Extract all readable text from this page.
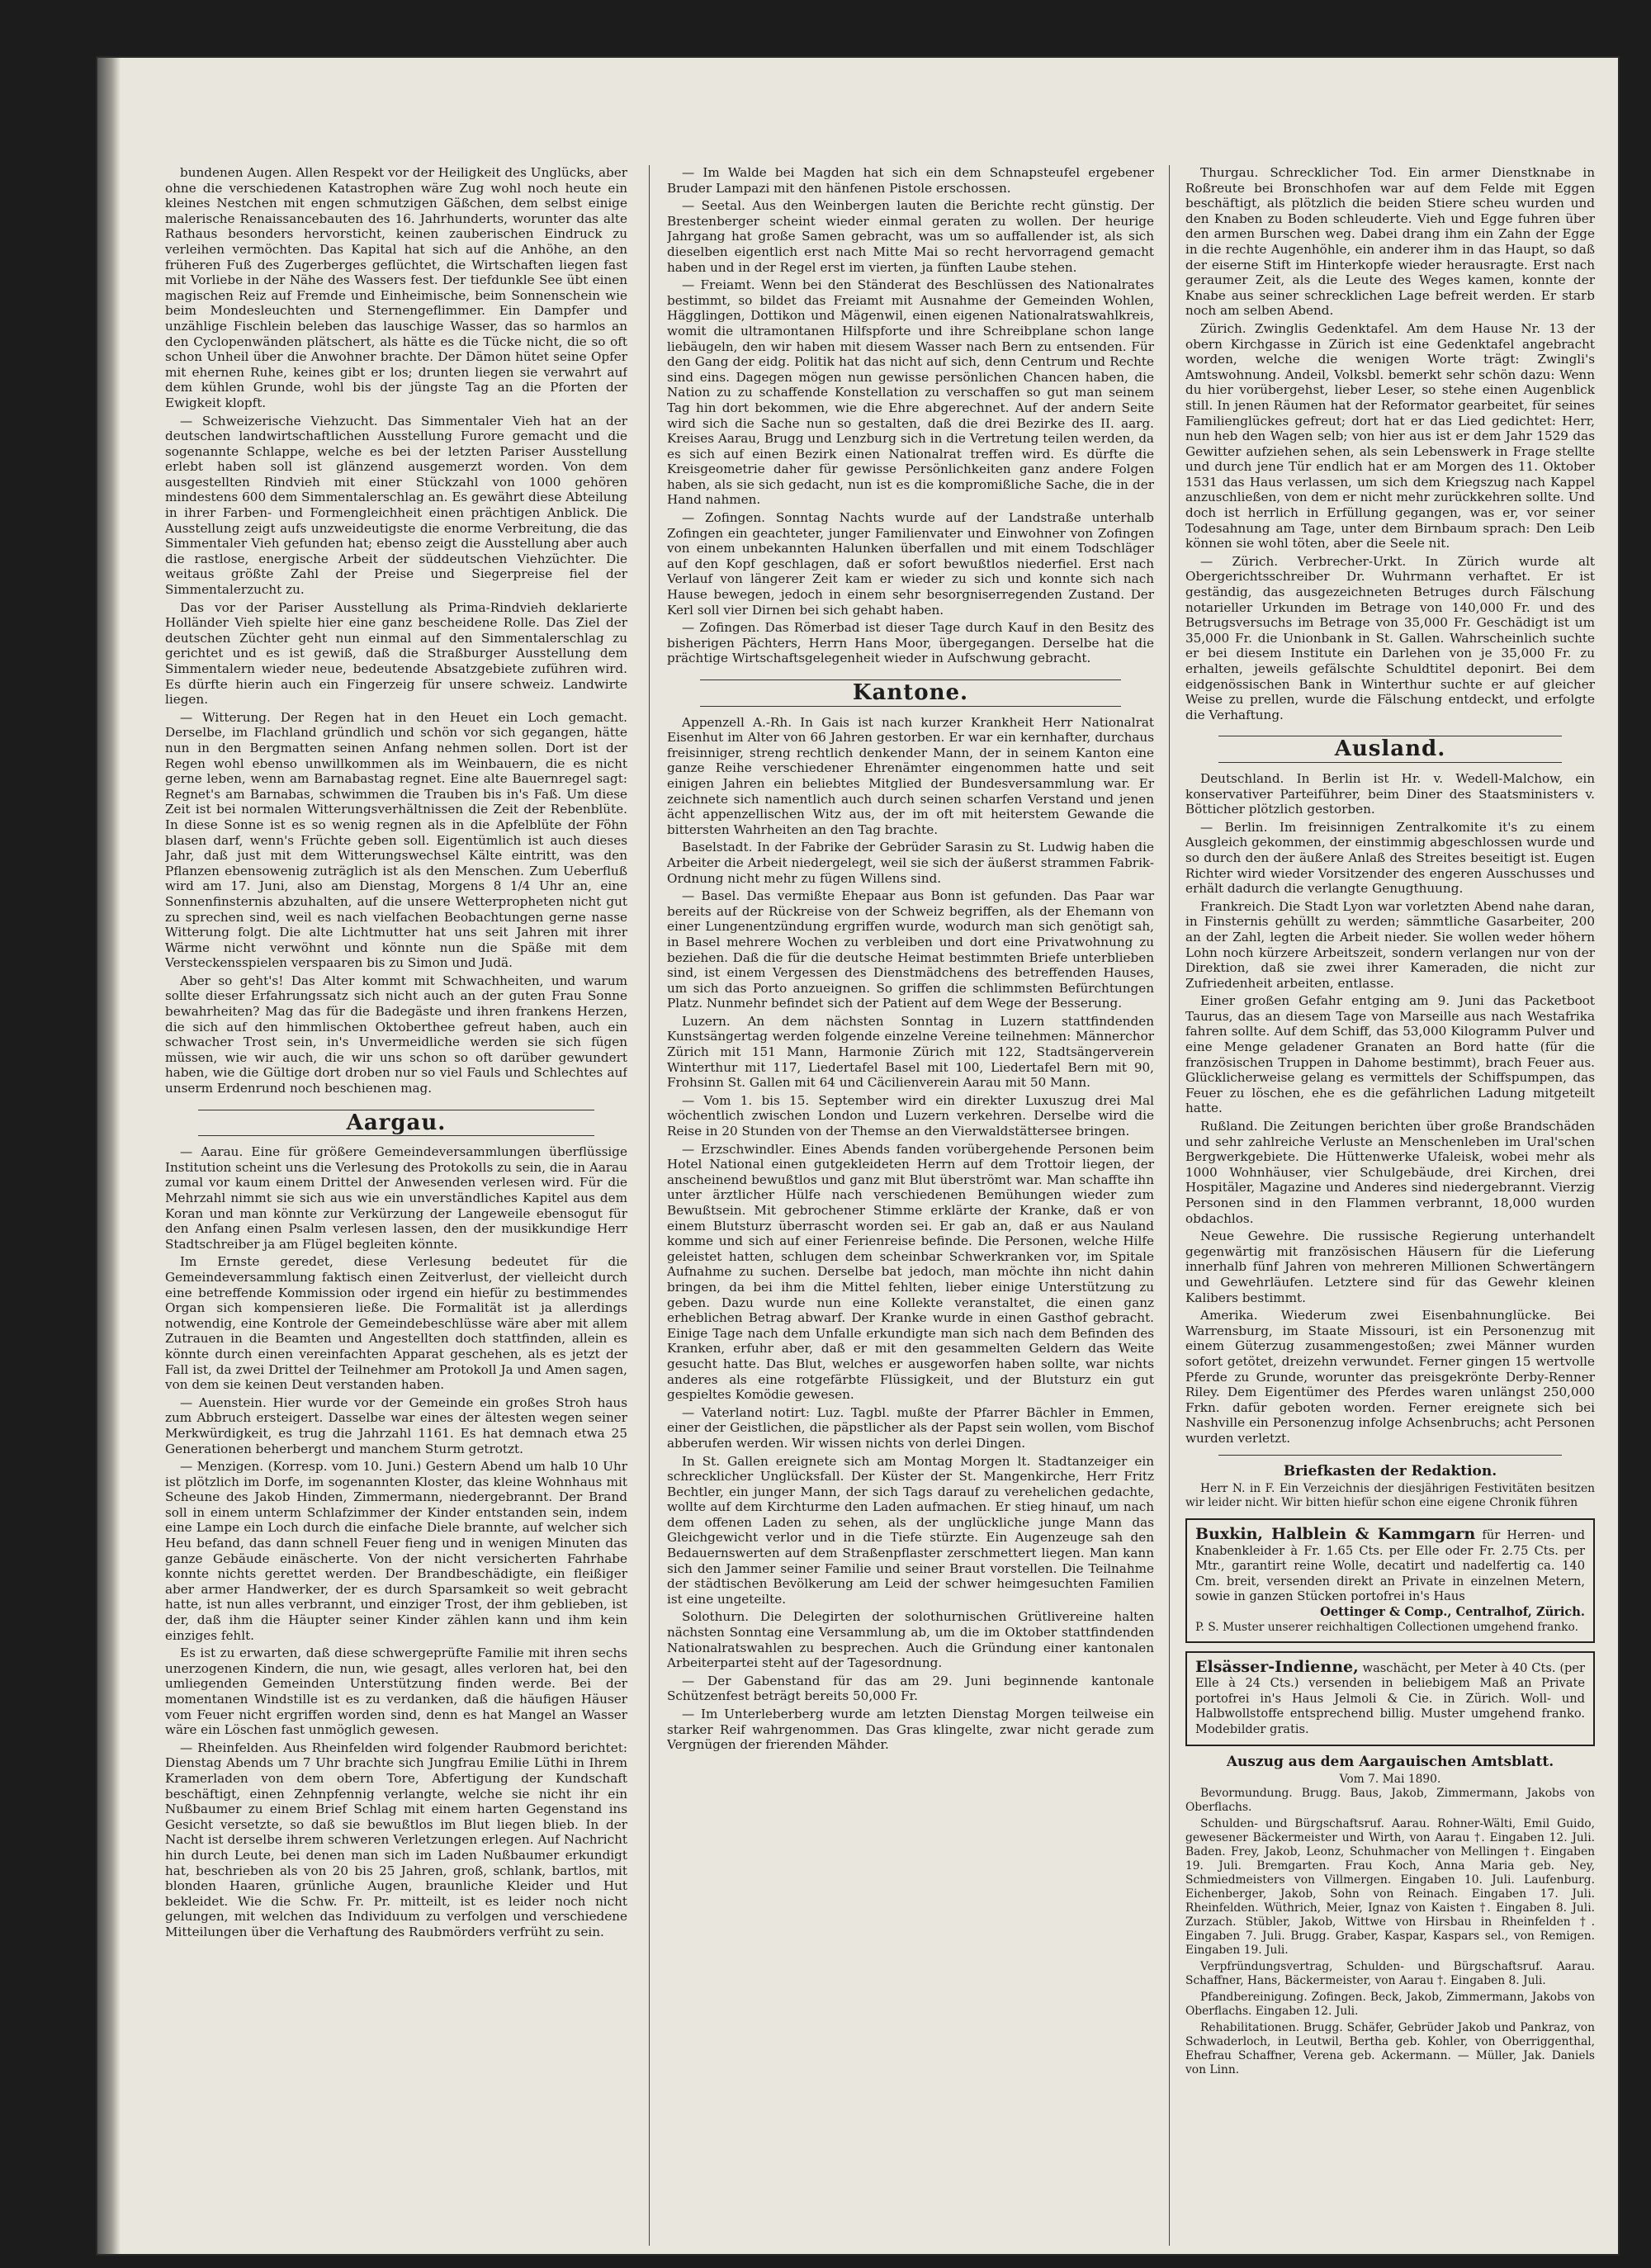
bundenen Augen. Allen Respekt vor der Heiligkeit des Unglücks, aber ohne die verschiedenen Katastrophen wäre Zug wohl noch heute ein kleines Nestchen mit engen schmutzigen Gäßchen, dem selbst einige malerische Renaissancebauten des 16. Jahrhunderts, worunter das alte Rathaus besonders hervorsticht, keinen zauberischen Eindruck zu verleihen vermöchten. Das Kapital hat sich auf die Anhöhe, an den früheren Fuß des Zugerberges geflüchtet, die Wirtschaften liegen fast mit Vorliebe in der Nähe des Wassers fest. Der tiefdunkle See übt einen magischen Reiz auf Fremde und Einheimische, beim Sonnenschein wie beim Mondesleuchten und Sternengeflimmer. Ein Dampfer und unzählige Fischlein beleben das lauschige Wasser, das so harmlos an den Cyclopenwänden plätschert, als hätte es die Tücke nicht, die so oft schon Unheil über die Anwohner brachte. Der Dämon hütet seine Opfer mit ehernen Ruhe, keines gibt er los; drunten liegen sie verwahrt auf dem kühlen Grunde, wohl bis der jüngste Tag an die Pforten der Ewigkeit klopft.

— Schweizerische Viehzucht. Das Simmentaler Vieh hat an der deutschen landwirtschaftlichen Ausstellung Furore gemacht und die sogenannte Schlappe, welche es bei der letzten Pariser Ausstellung erlebt haben soll ist glänzend ausgemerzt worden. Von dem ausgestellten Rindvieh mit einer Stückzahl von 1000 gehören mindestens 600 dem Simmentalerschlag an. Es gewährt diese Abteilung in ihrer Farben- und Formengleichheit einen prächtigen Anblick. Die Ausstellung zeigt aufs unzweideutigste die enorme Verbreitung, die das Simmentaler Vieh gefunden hat; ebenso zeigt die Ausstellung aber auch die rastlose, energische Arbeit der süddeutschen Viehzüchter. Die weitaus größte Zahl der Preise und Siegerpreise fiel der Simmentalerzucht zu.

Das vor der Pariser Ausstellung als Prima-Rindvieh deklarierte Holländer Vieh spielte hier eine ganz bescheidene Rolle. Das Ziel der deutschen Züchter geht nun einmal auf den Simmentalerschlag zu gerichtet und es ist gewiß, daß die Straßburger Ausstellung dem Simmentalern wieder neue, bedeutende Absatzgebiete zuführen wird. Es dürfte hierin auch ein Fingerzeig für unsere schweiz. Landwirte liegen.

— Witterung. Der Regen hat in den Heuet ein Loch gemacht. Derselbe, im Flachland gründlich und schön vor sich gegangen, hätte nun in den Bergmatten seinen Anfang nehmen sollen. Dort ist der Regen wohl ebenso unwillkommen als im Weinbauern, die es nicht gerne leben, wenn am Barnabastag regnet. Eine alte Bauernregel sagt: Regnet's am Barnabas, schwimmen die Trauben bis in's Faß. Um diese Zeit ist bei normalen Witterungsverhältnissen die Zeit der Rebenblüte. In diese Sonne ist es so wenig regnen als in die Apfelblüte der Föhn blasen darf, wenn's Früchte geben soll. Eigentümlich ist auch dieses Jahr, daß just mit dem Witterungswechsel Kälte eintritt, was den Pflanzen ebensowenig zuträglich ist als den Menschen. Zum Ueberfluß wird am 17. Juni, also am Dienstag, Morgens 8 1/4 Uhr an, eine Sonnenfinsternis abzuhalten, auf die unsere Wetterpropheten nicht gut zu sprechen sind, weil es nach vielfachen Beobachtungen gerne nasse Witterung folgt. Die alte Lichtmutter hat uns seit Jahren mit ihrer Wärme nicht verwöhnt und könnte nun die Späße mit dem Versteckensspielen verspaaren bis zu Simon und Judä.

Aber so geht's! Das Alter kommt mit Schwachheiten, und warum sollte dieser Erfahrungssatz sich nicht auch an der guten Frau Sonne bewahrheiten? Mag das für die Badegäste und ihren frankens Herzen, die sich auf den himmlischen Oktoberthee gefreut haben, auch ein schwacher Trost sein, in's Unvermeidliche werden sie sich fügen müssen, wie wir auch, die wir uns schon so oft darüber gewundert haben, wie die Gültige dort droben nur so viel Fauls und Schlechtes auf unserm Erdenrund noch beschienen mag.

Aargau.

— Aarau. Eine für größere Gemeindeversammlungen überflüssige Institution scheint uns die Verlesung des Protokolls zu sein, die in Aarau zumal vor kaum einem Drittel der Anwesenden verlesen wird. Für die Mehrzahl nimmt sie sich aus wie ein unverständliches Kapitel aus dem Koran und man könnte zur Verkürzung der Langeweile ebensogut für den Anfang einen Psalm verlesen lassen, den der musikkundige Herr Stadtschreiber ja am Flügel begleiten könnte.

Im Ernste geredet, diese Verlesung bedeutet für die Gemeindeversammlung faktisch einen Zeitverlust, der vielleicht durch eine betreffende Kommission oder irgend ein hiefür zu bestimmendes Organ sich kompensieren ließe. Die Formalität ist ja allerdings notwendig, eine Kontrole der Gemeindebeschlüsse wäre aber mit allem Zutrauen in die Beamten und Angestellten doch stattfinden, allein es könnte durch einen vereinfachten Apparat geschehen, als es jetzt der Fall ist, da zwei Drittel der Teilnehmer am Protokoll Ja und Amen sagen, von dem sie keinen Deut verstanden haben.

— Auenstein. Hier wurde vor der Gemeinde ein großes Stroh haus zum Abbruch ersteigert. Dasselbe war eines der ältesten wegen seiner Merkwürdigkeit, es trug die Jahrzahl 1161. Es hat demnach etwa 25 Generationen beherbergt und manchem Sturm getrotzt.

— Menzigen. (Korresp. vom 10. Juni.) Gestern Abend um halb 10 Uhr ist plötzlich im Dorfe, im sogenannten Kloster, das kleine Wohnhaus mit Scheune des Jakob Hinden, Zimmermann, niedergebrannt. Der Brand soll in einem unterm Schlafzimmer der Kinder entstanden sein, indem eine Lampe ein Loch durch die einfache Diele brannte, auf welcher sich Heu befand, das dann schnell Feuer fieng und in wenigen Minuten das ganze Gebäude einäscherte. Von der nicht versicherten Fahrhabe konnte nichts gerettet werden. Der Brandbeschädigte, ein fleißiger aber armer Handwerker, der es durch Sparsamkeit so weit gebracht hatte, ist nun alles verbrannt, und einziger Trost, der ihm geblieben, ist der, daß ihm die Häupter seiner Kinder zählen kann und ihm kein einziges fehlt.

Es ist zu erwarten, daß diese schwergeprüfte Familie mit ihren sechs unerzogenen Kindern, die nun, wie gesagt, alles verloren hat, bei den umliegenden Gemeinden Unterstützung finden werde. Bei der momentanen Windstille ist es zu verdanken, daß die häufigen Häuser vom Feuer nicht ergriffen worden sind, denn es hat Mangel an Wasser wäre ein Löschen fast unmöglich gewesen.

— Rheinfelden. Aus Rheinfelden wird folgender Raubmord berichtet: Dienstag Abends um 7 Uhr brachte sich Jungfrau Emilie Lüthi in Ihrem Kramerladen von dem obern Tore, Abfertigung der Kundschaft beschäftigt, einen Zehnpfennig verlangte, welche sie nicht ihr ein Nußbaumer zu einem Brief Schlag mit einem harten Gegenstand ins Gesicht versetzte, so daß sie bewußtlos im Blut liegen blieb. In der Nacht ist derselbe ihrem schweren Verletzungen erlegen. Auf Nachricht hin durch Leute, bei denen man sich im Laden Nußbaumer erkundigt hat, beschrieben als von 20 bis 25 Jahren, groß, schlank, bartlos, mit blonden Haaren, grünliche Augen, braunliche Kleider und Hut bekleidet. Wie die Schw. Fr. Pr. mitteilt, ist es leider noch nicht gelungen, mit welchen das Individuum zu verfolgen und verschiedene Mitteilungen über die Verhaftung des Raubmörders verfrüht zu sein.

— Im Walde bei Magden hat sich ein dem Schnapsteufel ergebener Bruder Lampazi mit den hänfenen Pistole erschossen.

— Seetal. Aus den Weinbergen lauten die Berichte recht günstig. Der Brestenberger scheint wieder einmal geraten zu wollen. Der heurige Jahrgang hat große Samen gebracht, was um so auffallender ist, als sich dieselben eigentlich erst nach Mitte Mai so recht hervorragend gemacht haben und in der Regel erst im vierten, ja fünften Laube stehen.

— Freiamt. Wenn bei den Ständerat des Beschlüssen des Nationalrates bestimmt, so bildet das Freiamt mit Ausnahme der Gemeinden Wohlen, Hägglingen, Dottikon und Mägenwil, einen eigenen Nationalratswahlkreis, womit die ultramontanen Hilfspforte und ihre Schreibplane schon lange liebäugeln, den wir haben mit diesem Wasser nach Bern zu entsenden. Für den Gang der eidg. Politik hat das nicht auf sich, denn Centrum und Rechte sind eins. Dagegen mögen nun gewisse persönlichen Chancen haben, die Nation zu zu schaffende Konstellation zu verschaffen so gut man seinem Tag hin dort bekommen, wie die Ehre abgerechnet. Auf der andern Seite wird sich die Sache nun so gestalten, daß die drei Bezirke des II. aarg. Kreises Aarau, Brugg und Lenzburg sich in die Vertretung teilen werden, da es sich auf einen Bezirk einen Nationalrat treffen wird. Es dürfte die Kreisgeometrie daher für gewisse Persönlichkeiten ganz andere Folgen haben, als sie sich gedacht, nun ist es die kompromißliche Sache, die in der Hand nahmen.

— Zofingen. Sonntag Nachts wurde auf der Landstraße unterhalb Zofingen ein geachteter, junger Familienvater und Einwohner von Zofingen von einem unbekannten Halunken überfallen und mit einem Todschläger auf den Kopf geschlagen, daß er sofort bewußtlos niederfiel. Erst nach Verlauf von längerer Zeit kam er wieder zu sich und konnte sich nach Hause bewegen, jedoch in einem sehr besorgniserregenden Zustand. Der Kerl soll vier Dirnen bei sich gehabt haben.

— Zofingen. Das Römerbad ist dieser Tage durch Kauf in den Besitz des bisherigen Pächters, Herrn Hans Moor, übergegangen. Derselbe hat die prächtige Wirtschaftsgelegenheit wieder in Aufschwung gebracht.

Kantone.

Appenzell A.-Rh. In Gais ist nach kurzer Krankheit Herr Nationalrat Eisenhut im Alter von 66 Jahren gestorben. Er war ein kernhafter, durchaus freisinniger, streng rechtlich denkender Mann, der in seinem Kanton eine ganze Reihe verschiedener Ehrenämter eingenommen hatte und seit einigen Jahren ein beliebtes Mitglied der Bundesversammlung war. Er zeichnete sich namentlich auch durch seinen scharfen Verstand und jenen ächt appenzellischen Witz aus, der im oft mit heiterstem Gewande die bittersten Wahrheiten an den Tag brachte.

Baselstadt. In der Fabrike der Gebrüder Sarasin zu St. Ludwig haben die Arbeiter die Arbeit niedergelegt, weil sie sich der äußerst strammen Fabrik-Ordnung nicht mehr zu fügen Willens sind.

— Basel. Das vermißte Ehepaar aus Bonn ist gefunden. Das Paar war bereits auf der Rückreise von der Schweiz begriffen, als der Ehemann von einer Lungenentzündung ergriffen wurde, wodurch man sich genötigt sah, in Basel mehrere Wochen zu verbleiben und dort eine Privatwohnung zu beziehen. Daß die für die deutsche Heimat bestimmten Briefe unterblieben sind, ist einem Vergessen des Dienstmädchens des betreffenden Hauses, um sich das Porto anzueignen. So griffen die schlimmsten Befürchtungen Platz. Nunmehr befindet sich der Patient auf dem Wege der Besserung.

Luzern. An dem nächsten Sonntag in Luzern stattfindenden Kunstsängertag werden folgende einzelne Vereine teilnehmen: Männerchor Zürich mit 151 Mann, Harmonie Zürich mit 122, Stadtsängerverein Winterthur mit 117, Liedertafel Basel mit 100, Liedertafel Bern mit 90, Frohsinn St. Gallen mit 64 und Cäcilienverein Aarau mit 50 Mann.

— Vom 1. bis 15. September wird ein direkter Luxuszug drei Mal wöchentlich zwischen London und Luzern verkehren. Derselbe wird die Reise in 20 Stunden von der Themse an den Vierwaldstättersee bringen.

— Erzschwindler. Eines Abends fanden vorübergehende Personen beim Hotel National einen gutgekleideten Herrn auf dem Trottoir liegen, der anscheinend bewußtlos und ganz mit Blut überströmt war. Man schaffte ihn unter ärztlicher Hülfe nach verschiedenen Bemühungen wieder zum Bewußtsein. Mit gebrochener Stimme erklärte der Kranke, daß er von einem Blutsturz überrascht worden sei. Er gab an, daß er aus Nauland komme und sich auf einer Ferienreise befinde. Die Personen, welche Hilfe geleistet hatten, schlugen dem scheinbar Schwerkranken vor, im Spitale Aufnahme zu suchen. Derselbe bat jedoch, man möchte ihn nicht dahin bringen, da bei ihm die Mittel fehlten, lieber einige Unterstützung zu geben. Dazu wurde nun eine Kollekte veranstaltet, die einen ganz erheblichen Betrag abwarf. Der Kranke wurde in einen Gasthof gebracht. Einige Tage nach dem Unfalle erkundigte man sich nach dem Befinden des Kranken, erfuhr aber, daß er mit den gesammelten Geldern das Weite gesucht hatte. Das Blut, welches er ausgeworfen haben sollte, war nichts anderes als eine rotgefärbte Flüssigkeit, und der Blutsturz ein gut gespieltes Komödie gewesen.

— Vaterland notirt: Luz. Tagbl. mußte der Pfarrer Bächler in Emmen, einer der Geistlichen, die päpstlicher als der Papst sein wollen, vom Bischof abberufen werden. Wir wissen nichts von derlei Dingen.

In St. Gallen ereignete sich am Montag Morgen lt. Stadtanzeiger ein schrecklicher Unglücksfall. Der Küster der St. Mangenkirche, Herr Fritz Bechtler, ein junger Mann, der sich Tags darauf zu verehelichen gedachte, wollte auf dem Kirchturme den Laden aufmachen. Er stieg hinauf, um nach dem offenen Laden zu sehen, als der unglückliche junge Mann das Gleichgewicht verlor und in die Tiefe stürzte. Ein Augenzeuge sah den Bedauernswerten auf dem Straßenpflaster zerschmettert liegen. Man kann sich den Jammer seiner Familie und seiner Braut vorstellen. Die Teilnahme der städtischen Bevölkerung am Leid der schwer heimgesuchten Familien ist eine ungeteilte.

Solothurn. Die Delegirten der solothurnischen Grütlivereine halten nächsten Sonntag eine Versammlung ab, um die im Oktober stattfindenden Nationalratswahlen zu besprechen. Auch die Gründung einer kantonalen Arbeiterpartei steht auf der Tagesordnung.

— Der Gabenstand für das am 29. Juni beginnende kantonale Schützenfest beträgt bereits 50,000 Fr.

— Im Unterleberberg wurde am letzten Dienstag Morgen teilweise ein starker Reif wahrgenommen. Das Gras klingelte, zwar nicht gerade zum Vergnügen der frierenden Mähder.

Thurgau. Schrecklicher Tod. Ein armer Dienstknabe in Roßreute bei Bronschhofen war auf dem Felde mit Eggen beschäftigt, als plötzlich die beiden Stiere scheu wurden und den Knaben zu Boden schleuderte. Vieh und Egge fuhren über den armen Burschen weg. Dabei drang ihm ein Zahn der Egge in die rechte Augenhöhle, ein anderer ihm in das Haupt, so daß der eiserne Stift im Hinterkopfe wieder herausragte. Erst nach geraumer Zeit, als die Leute des Weges kamen, konnte der Knabe aus seiner schrecklichen Lage befreit werden. Er starb noch am selben Abend.

Zürich. Zwinglis Gedenktafel. Am dem Hause Nr. 13 der obern Kirchgasse in Zürich ist eine Gedenktafel angebracht worden, welche die wenigen Worte trägt: Zwingli's Amtswohnung. Andeil, Volksbl. bemerkt sehr schön dazu: Wenn du hier vorübergehst, lieber Leser, so stehe einen Augenblick still. In jenen Räumen hat der Reformator gearbeitet, für seines Familienglückes gefreut; dort hat er das Lied gedichtet: Herr, nun heb den Wagen selb; von hier aus ist er dem Jahr 1529 das Gewitter aufziehen sehen, als sein Lebenswerk in Frage stellte und durch jene Tür endlich hat er am Morgen des 11. Oktober 1531 das Haus verlassen, um sich dem Kriegszug nach Kappel anzuschließen, von dem er nicht mehr zurückkehren sollte. Und doch ist herrlich in Erfüllung gegangen, was er, vor seiner Todesahnung am Tage, unter dem Birnbaum sprach: Den Leib können sie wohl töten, aber die Seele nit.

— Zürich. Verbrecher-Urkt. In Zürich wurde alt Obergerichtsschreiber Dr. Wuhrmann verhaftet. Er ist geständig, das ausgezeichneten Betruges durch Fälschung notarieller Urkunden im Betrage von 140,000 Fr. und des Betrugsversuchs im Betrage von 35,000 Fr. Geschädigt ist um 35,000 Fr. die Unionbank in St. Gallen. Wahrscheinlich suchte er bei diesem Institute ein Darlehen von je 35,000 Fr. zu erhalten, jeweils gefälschte Schuldtitel deponirt. Bei dem eidgenössischen Bank in Winterthur suchte er auf gleicher Weise zu prellen, wurde die Fälschung entdeckt, und erfolgte die Verhaftung.

Ausland.

Deutschland. In Berlin ist Hr. v. Wedell-Malchow, ein konservativer Parteiführer, beim Diner des Staatsministers v. Bötticher plötzlich gestorben.

— Berlin. Im freisinnigen Zentralkomite it's zu einem Ausgleich gekommen, der einstimmig abgeschlossen wurde und so durch den der äußere Anlaß des Streites beseitigt ist. Eugen Richter wird wieder Vorsitzender des engeren Ausschusses und erhält dadurch die verlangte Genugthuung.

Frankreich. Die Stadt Lyon war vorletzten Abend nahe daran, in Finsternis gehüllt zu werden; sämmtliche Gasarbeiter, 200 an der Zahl, legten die Arbeit nieder. Sie wollen weder höhern Lohn noch kürzere Arbeitszeit, sondern verlangen nur von der Direktion, daß sie zwei ihrer Kameraden, die nicht zur Zufriedenheit arbeiten, entlasse.

Einer großen Gefahr entging am 9. Juni das Packetboot Taurus, das an diesem Tage von Marseille aus nach Westafrika fahren sollte. Auf dem Schiff, das 53,000 Kilogramm Pulver und eine Menge geladener Granaten an Bord hatte (für die französischen Truppen in Dahome bestimmt), brach Feuer aus. Glücklicherweise gelang es vermittels der Schiffspumpen, das Feuer zu löschen, ehe es die gefährlichen Ladung mitgeteilt hatte.

Rußland. Die Zeitungen berichten über große Brandschäden und sehr zahlreiche Verluste an Menschenleben im Ural'schen Bergwerkgebiete. Die Hüttenwerke Ufaleisk, wobei mehr als 1000 Wohnhäuser, vier Schulgebäude, drei Kirchen, drei Hospitäler, Magazine und Anderes sind niedergebrannt. Vierzig Personen sind in den Flammen verbrannt, 18,000 wurden obdachlos.

Neue Gewehre. Die russische Regierung unterhandelt gegenwärtig mit französischen Häusern für die Lieferung innerhalb fünf Jahren von mehreren Millionen Schwertängern und Gewehrläufen. Letztere sind für das Gewehr kleinen Kalibers bestimmt.

Amerika. Wiederum zwei Eisenbahnunglücke. Bei Warrensburg, im Staate Missouri, ist ein Personenzug mit einem Güterzug zusammengestoßen; zwei Männer wurden sofort getötet, dreizehn verwundet. Ferner gingen 15 wertvolle Pferde zu Grunde, worunter das preisgekrönte Derby-Renner Riley. Dem Eigentümer des Pferdes waren unlängst 250,000 Frkn. dafür geboten worden. Ferner ereignete sich bei Nashville ein Personenzug infolge Achsenbruchs; acht Personen wurden verletzt.

Briefkasten der Redaktion.

Herr N. in F. Ein Verzeichnis der diesjährigen Festivitäten besitzen wir leider nicht. Wir bitten hiefür schon eine eigene Chronik führen

Buxkin, Halblein & Kammgarn für Herren- und Knabenkleider à Fr. 1.65 Cts. per Elle oder Fr. 2.75 Cts. per Mtr., garantirt reine Wolle, decatirt und nadelfertig ca. 140 Cm. breit, versenden direkt an Private in einzelnen Metern, sowie in ganzen Stücken portofrei in's Haus
Oettinger & Comp., Centralhof, Zürich.
P. S. Muster unserer reichhaltigen Collectionen umgehend franko.
Elsässer-Indienne, waschächt, per Meter à 40 Cts. (per Elle à 24 Cts.) versenden in beliebigem Maß an Private portofrei in's Haus Jelmoli & Cie. in Zürich. Woll- und Halbwollstoffe entsprechend billig. Muster umgehend franko. Modebilder gratis.
Auszug aus dem Aargauischen Amtsblatt.
Vom 7. Mai 1890.

Bevormundung. Brugg. Baus, Jakob, Zimmermann, Jakobs von Oberflachs.

Schulden- und Bürgschaftsruf. Aarau. Rohner-Wälti, Emil Guido, gewesener Bäckermeister und Wirth, von Aarau †. Eingaben 12. Juli. Baden. Frey, Jakob, Leonz, Schuhmacher von Mellingen †. Eingaben 19. Juli. Bremgarten. Frau Koch, Anna Maria geb. Ney, Schmiedmeisters von Villmergen. Eingaben 10. Juli. Laufenburg. Eichenberger, Jakob, Sohn von Reinach. Eingaben 17. Juli. Rheinfelden. Wüthrich, Meier, Ignaz von Kaisten †. Eingaben 8. Juli. Zurzach. Stübler, Jakob, Wittwe von Hirsbau in Rheinfelden †. Eingaben 7. Juli. Brugg. Graber, Kaspar, Kaspars sel., von Remigen. Eingaben 19. Juli.

Verpfründungsvertrag, Schulden- und Bürgschaftsruf. Aarau. Schaffner, Hans, Bäckermeister, von Aarau †. Eingaben 8. Juli.

Pfandbereinigung. Zofingen. Beck, Jakob, Zimmermann, Jakobs von Oberflachs. Eingaben 12. Juli.

Rehabilitationen. Brugg. Schäfer, Gebrüder Jakob und Pankraz, von Schwaderloch, in Leutwil, Bertha geb. Kohler, von Oberriggenthal, Ehefrau Schaffner, Verena geb. Ackermann. — Müller, Jak. Daniels von Linn.
